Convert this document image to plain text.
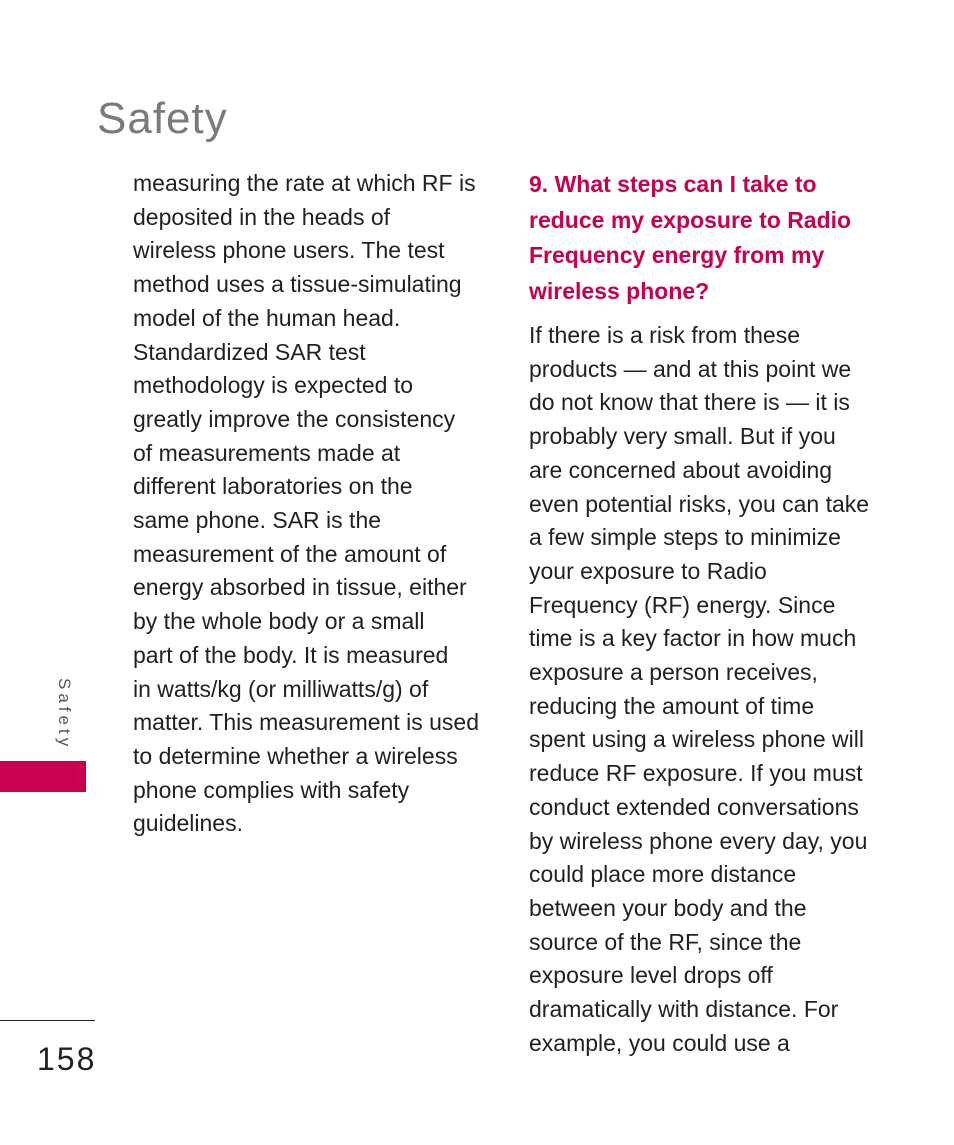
Safety

measuring the rate at which RF is
deposited in the heads of
wireless phone users. The test
method uses a tissue-simulating
model of the human head.
Standardized SAR test
methodology is expected to
greatly improve the consistency
of measurements made at
different laboratories on the
same phone. SAR is the
measurement of the amount of
energy absorbed in tissue, either
by the whole body or a small
part of the body. It is measured
in watts/kg (or milliwatts/g) of
matter. This measurement is used
to determine whether a wireless
phone complies with safety
guidelines.

9. What steps can I take to
reduce my exposure to Radio
Frequency energy from my
wireless phone?

If there is a risk from these
products — and at this point we
do not know that there is — it is
probably very small. But if you
are concerned about avoiding
even potential risks, you can take
a few simple steps to minimize
your exposure to Radio
Frequency (RF) energy. Since
time is a key factor in how much
exposure a person receives,
reducing the amount of time
spent using a wireless phone will
reduce RF exposure. If you must
conduct extended conversations
by wireless phone every day, you
could place more distance
between your body and the
source of the RF, since the
exposure level drops off
dramatically with distance. For
example, you could use a

Safety
158
